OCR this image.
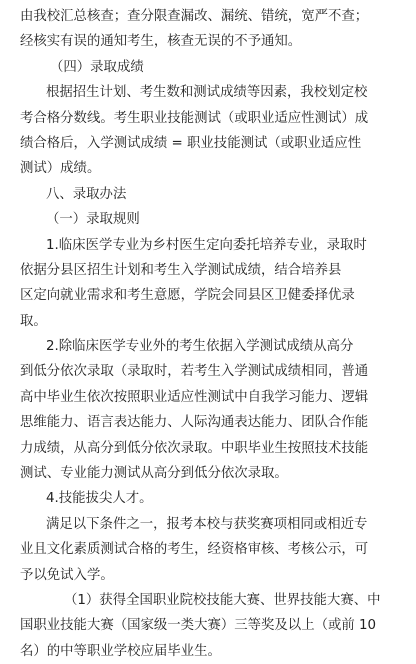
由我校汇总核查；查分限查漏改、漏统、错统，宽严不查；
经核实有误的通知考生，核查无误的不予通知。
（四）录取成绩
根据招生计划、考生数和测试成绩等因素，我校划定校
考合格分数线。考生职业技能测试（或职业适应性测试）成
绩合格后，入学测试成绩 = 职业技能测试（或职业适应性
测试）成绩。
八、录取办法
（一）录取规则
1.临床医学专业为乡村医生定向委托培养专业，录取时
依据分县区招生计划和考生入学测试成绩，结合培养县
区定向就业需求和考生意愿，学院会同县区卫健委择优录
取。
2.除临床医学专业外的考生依据入学测试成绩从高分
到低分依次录取（录取时，若考生入学测试成绩相同，普通
高中毕业生依次按照职业适应性测试中自我学习能力、逻辑
思维能力、语言表达能力、人际沟通表达能力、团队合作能
力成绩，从高分到低分依次录取。中职毕业生按照技术技能
测试、专业能力测试从高分到低分依次录取。
4.技能拔尖人才。
满足以下条件之一，报考本校与获奖赛项相同或相近专
业且文化素质测试合格的考生，经资格审核、考核公示，可
予以免试入学。
（1）获得全国职业院校技能大赛、世界技能大赛、中
国职业技能大赛（国家级一类大赛）三等奖及以上（或前 10
名）的中等职业学校应届毕业生。
